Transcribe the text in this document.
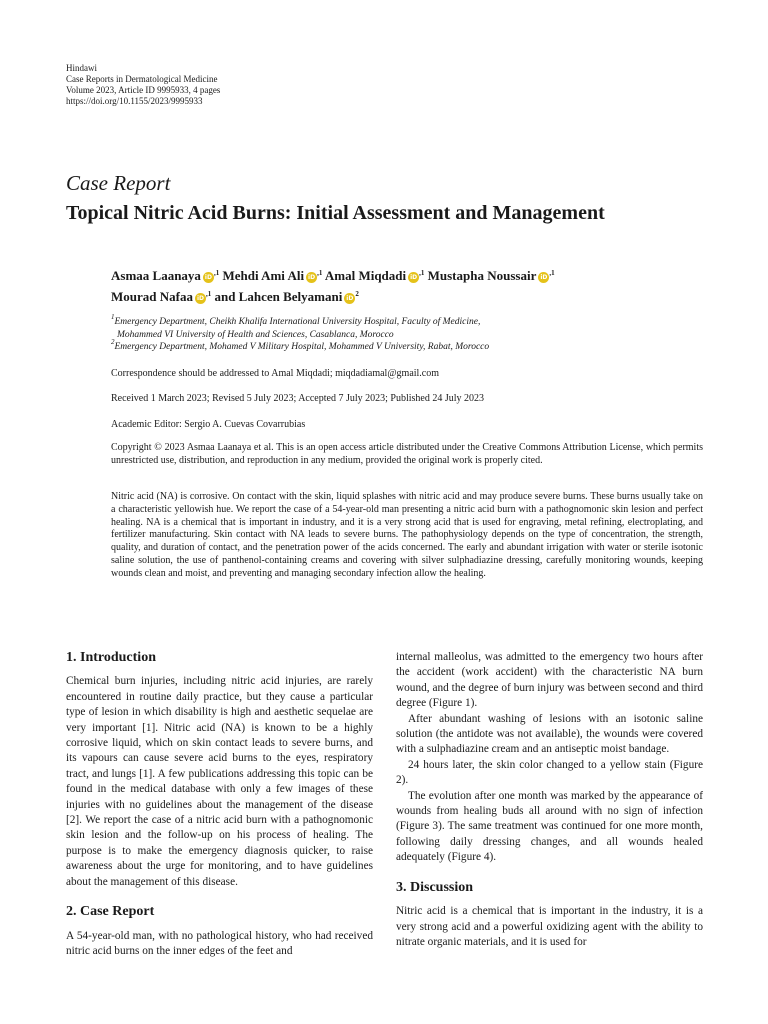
Hindawi
Case Reports in Dermatological Medicine
Volume 2023, Article ID 9995933, 4 pages
https://doi.org/10.1155/2023/9995933
Case Report
Topical Nitric Acid Burns: Initial Assessment and Management
Asmaa Laanaya $iD^{,1}$ Mehdi Ami Ali $iD^{,1}$ Amal Miqdadi $iD^{,1}$ Mustapha Noussair $iD^{,1}$
Mourad Nafaa $iD^{,1}$ and Lahcen Belyamani $iD^2$
$^1$Emergency Department, Cheikh Khalifa International University Hospital, Faculty of Medicine,
Mohammed VI University of Health and Sciences, Casablanca, Morocco
$^2$Emergency Department, Mohamed V Military Hospital, Mohammed V University, Rabat, Morocco
Correspondence should be addressed to Amal Miqdadi; miqdadiamal@gmail.com
Received 1 March 2023; Revised 5 July 2023; Accepted 7 July 2023; Published 24 July 2023
Academic Editor: Sergio A. Cuevas Covarrubias
Copyright © 2023 Asmaa Laanaya et al. This is an open access article distributed under the Creative Commons Attribution License, which permits unrestricted use, distribution, and reproduction in any medium, provided the original work is properly cited.
Nitric acid (NA) is corrosive. On contact with the skin, liquid splashes with nitric acid and may produce severe burns. These burns usually take on a characteristic yellowish hue. We report the case of a 54-year-old man presenting a nitric acid burn with a pathognomonic skin lesion and perfect healing. NA is a chemical that is important in industry, and it is a very strong acid that is used for engraving, metal refining, electroplating, and fertilizer manufacturing. Skin contact with NA leads to severe burns. The pathophysiology depends on the type of concentration, the strength, quality, and duration of contact, and the penetration power of the acids concerned. The early and abundant irrigation with water or sterile isotonic saline solution, the use of panthenol-containing creams and covering with silver sulphadiazine dressing, carefully monitoring wounds, keeping wounds clean and moist, and preventing and managing secondary infection allow the healing.

1. Introduction

Chemical burn injuries, including nitric acid injuries, are rarely encountered in routine daily practice, but they cause a particular type of lesion in which disability is high and aesthetic sequelae are very important [1]. Nitric acid (NA) is known to be a highly corrosive liquid, which on skin contact leads to severe burns, and its vapours can cause severe acid burns to the eyes, respiratory tract, and lungs [1]. A few publications addressing this topic can be found in the medical database with only a few images of these injuries with no guidelines about the management of the disease [2]. We report the case of a nitric acid burn with a pathognomonic skin lesion and the follow-up on his process of healing. The purpose is to make the emergency diagnosis quicker, to raise awareness about the urge for monitoring, and to have guidelines about the management of this disease.

2. Case Report

A 54-year-old man, with no pathological history, who had received nitric acid burns on the inner edges of the feet and

internal malleolus, was admitted to the emergency two hours after the accident (work accident) with the characteristic NA burn wound, and the degree of burn injury was between second and third degree (Figure 1).

After abundant washing of lesions with an isotonic saline solution (the antidote was not available), the wounds were covered with a sulphadiazine cream and an antiseptic moist bandage.

24 hours later, the skin color changed to a yellow stain (Figure 2).

The evolution after one month was marked by the appearance of wounds from healing buds all around with no sign of infection (Figure 3). The same treatment was continued for one more month, following daily dressing changes, and all wounds healed adequately (Figure 4).

3. Discussion

Nitric acid is a chemical that is important in the industry, it is a very strong acid and a powerful oxidizing agent with the ability to nitrate organic materials, and it is used for
